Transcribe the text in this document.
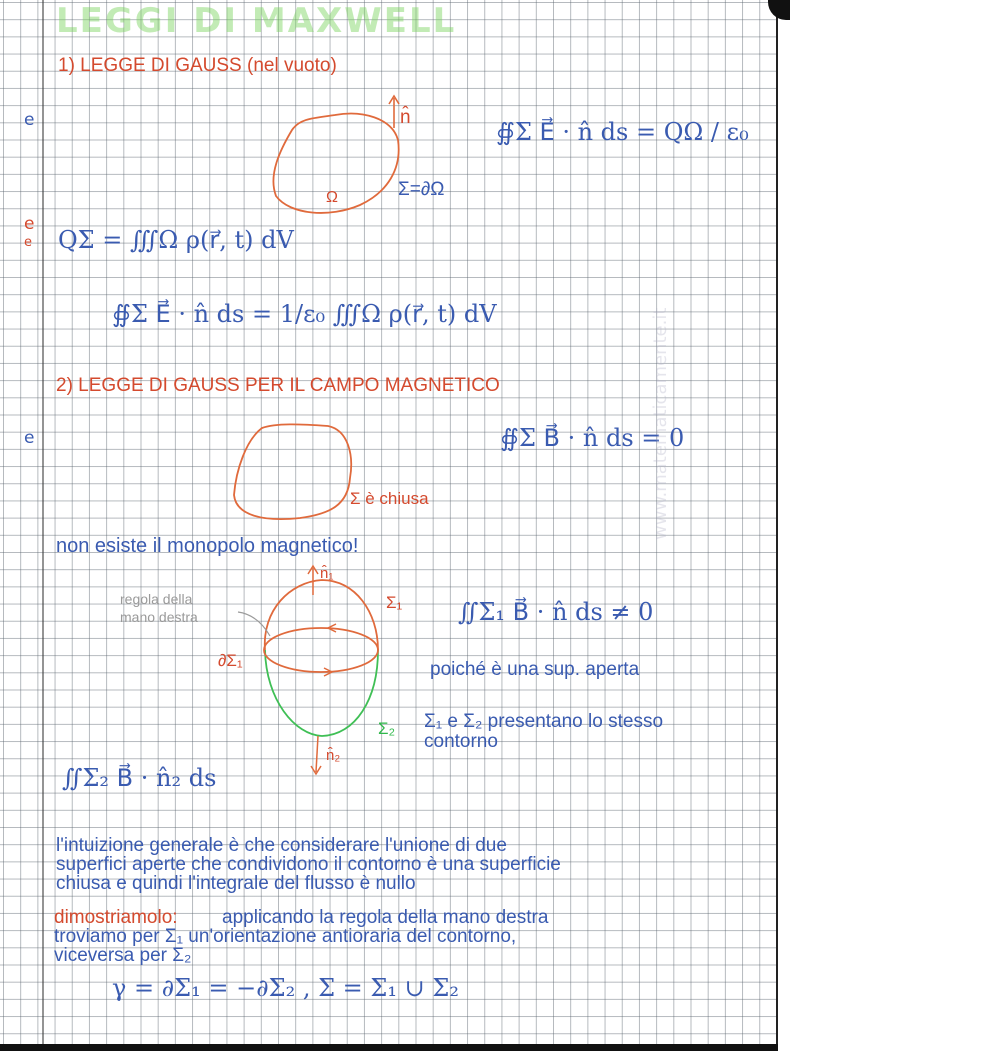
e
e
e
e
LEGGI DI MAXWELL
1) LEGGE DI GAUSS (nel vuoto)
n̂
Ω	Σ=∂Ω
∯Σ E⃗ · n̂ ds = QΩ / ε₀
QΣ = ∭Ω ρ(r⃗, t) dV
∯Σ E⃗ · n̂ ds = 1/ε₀ ∭Ω ρ(r⃗, t) dV
2) LEGGE DI GAUSS PER IL CAMPO MAGNETICO
∯Σ B⃗ · n̂ ds = 0
Σ è chiusa
non esiste il monopolo magnetico!
regola della
mano destra
n̂₁
Σ₁
∂Σ₁
Σ₂
n̂₂
∬Σ₁ B⃗ · n̂ ds ≠ 0
poiché è una sup. aperta
Σ₁ e Σ₂ presentano lo stesso
contorno
∬Σ₂ B⃗ · n̂₂ ds
l'intuizione generale è che considerare l'unione di due
superfici aperte che condividono il contorno è una superficie
chiusa e quindi l'integrale del flusso è nullo
dimostriamolo: applicando la regola della mano destra
troviamo per Σ₁ un'orientazione antioraria del contorno,
viceversa per Σ₂
γ = ∂Σ₁ = −∂Σ₂ , Σ = Σ₁ ∪ Σ₂
www.matematicamente.it
